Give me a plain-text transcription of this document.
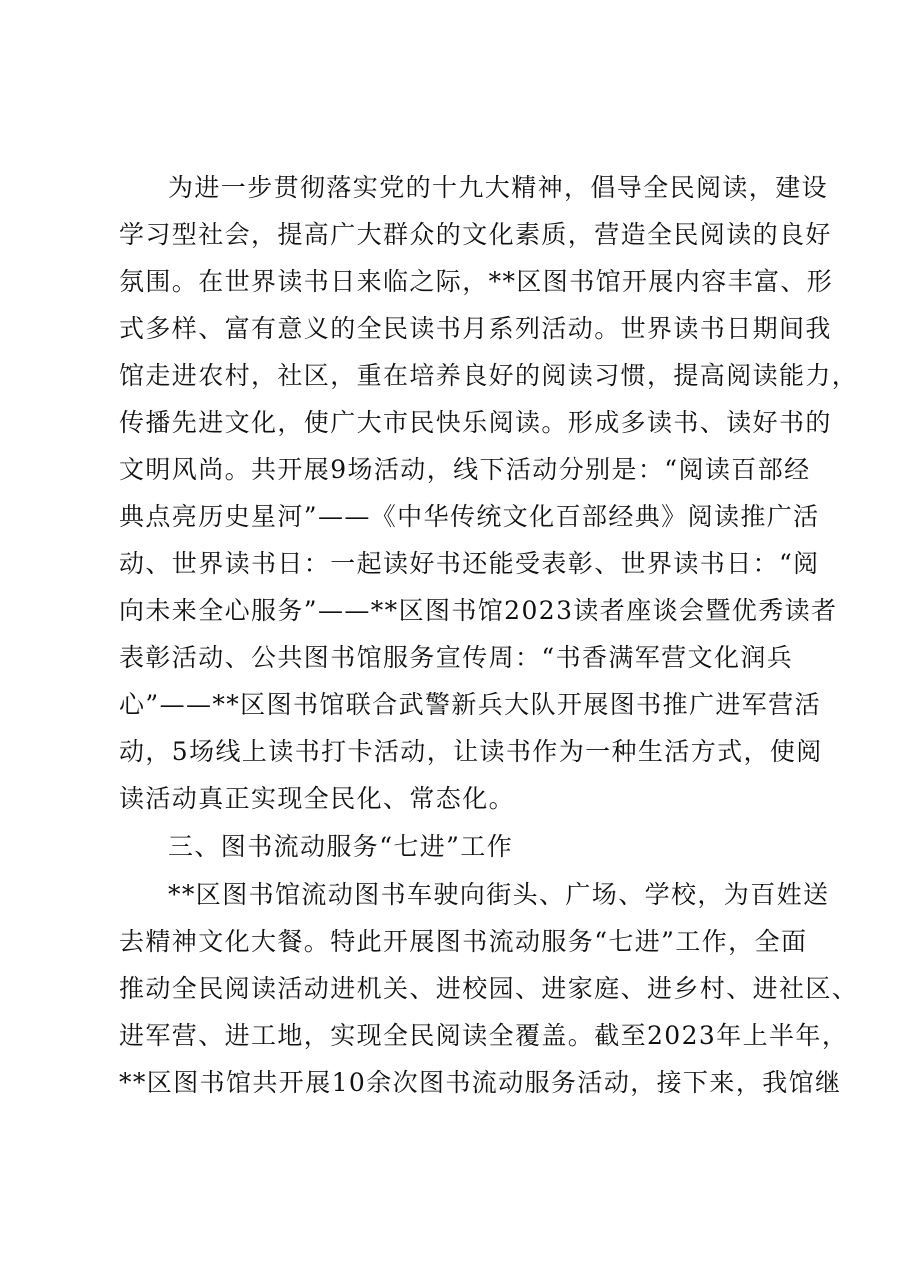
为进一步贯彻落实党的十九大精神，倡导全民阅读，建设
学习型社会，提高广大群众的文化素质，营造全民阅读的良好
氛围。在世界读书日来临之际，**区图书馆开展内容丰富、形
式多样、富有意义的全民读书月系列活动。世界读书日期间我
馆走进农村，社区，重在培养良好的阅读习惯，提高阅读能力，
传播先进文化，使广大市民快乐阅读。形成多读书、读好书的
文明风尚。共开展9场活动，线下活动分别是：“阅读百部经
典点亮历史星河”——《中华传统文化百部经典》阅读推广活
动、世界读书日：一起读好书还能受表彰、世界读书日：“阅
向未来全心服务”——**区图书馆2023读者座谈会暨优秀读者
表彰活动、公共图书馆服务宣传周：“书香满军营文化润兵
心”——**区图书馆联合武警新兵大队开展图书推广进军营活
动，5场线上读书打卡活动，让读书作为一种生活方式，使阅
读活动真正实现全民化、常态化。
三、图书流动服务“七进”工作
**区图书馆流动图书车驶向街头、广场、学校，为百姓送
去精神文化大餐。特此开展图书流动服务“七进”工作，全面
推动全民阅读活动进机关、进校园、进家庭、进乡村、进社区、
进军营、进工地，实现全民阅读全覆盖。截至2023年上半年，
**区图书馆共开展10余次图书流动服务活动，接下来，我馆继
